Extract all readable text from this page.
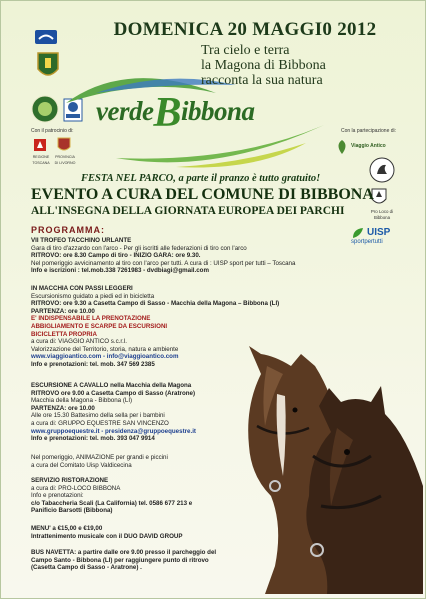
DOMENICA 20 MAGGI0 2012
Tra cielo e terra
la Magona di Bibbona
racconta la sua natura
verdeBibbona
Con il patrocinio di:
REGIONE TOSCANA
PROVINCIA DI LIVORNO
Con la partecipazione di:
Viaggio Antico
Pro Loco di Bibbona
UISP
sportpertutti
FESTA NEL PARCO, a parte il pranzo è tutto gratuito!
EVENTO A CURA DEL COMUNE DI BIBBONA
ALL'INSEGNA DELLA GIORNATA EUROPEA DEI PARCHI
PROGRAMMA:
VII TROFEO TACCHINO URLANTE
Gara di tiro d'azzardo con l'arco - Per gli iscritti alle federazioni di tiro con l'arco
RITROVO: ore 8.30 Campo di tiro - INIZIO GARA: ore 9.30.
Nel pomeriggio avvicinamento al tiro con l'arco per tutti. A cura di : UISP sport per tutti – Toscana
Info e iscrizioni : tel.mob.338 7261983 - dvdbiagi@gmail.com
IN MACCHIA CON PASSI LEGGERI
Escursionismo guidato a piedi ed in bicicletta
RITROVO: ore 9.30 a Casetta Campo di Sasso - Macchia della Magona – Bibbona (LI)
PARTENZA: ore 10.00
E' INDISPENSABILE LA PRENOTAZIONE
ABBIGLIAMENTO E SCARPE DA ESCURSIONI
BICICLETTA PROPRIA
a cura di: VIAGGIO ANTICO s.c.r.l.
Valorizzazione del Territorio, storia, natura e ambiente
www.viaggioantico.com - info@viaggioantico.com
Info e prenotazioni: tel. mob. 347 569 2385
ESCURSIONE A CAVALLO nella Macchia della Magona
RITROVO ore 9.00 a Casetta Campo di Sasso (Aratrone)
Macchia della Magona - Bibbona (LI)
PARTENZA: ore 10.00
Alle ore 15.30 Battesimo della sella per i bambini
a cura di: GRUPPO EQUESTRE SAN VINCENZO
www.gruppoequestre.it - presidenza@gruppoequestre.it
Info e prenotazioni: tel. mob. 393 047 9914
Nel pomeriggio, ANIMAZIONE per grandi e piccini
a cura del Comitato Uisp Valdicecina
SERVIZIO RISTORAZIONE
a cura di: PRO-LOCO BIBBONA
Info e prenotazioni:
c/o Tabaccheria Scali (La California) tel. 0586 677 213 e
Panificio Barsotti (Bibbona)
MENU' a €15,00 e €19,00
Intrattenimento musicale con il DUO DAVID GROUP
BUS NAVETTA: a partire dalle ore 9.00 presso il parcheggio del
Campo Santo - Bibbona (LI) per raggiungere punto di ritrovo
(Casetta Campo di Sasso - Aratrone) .
